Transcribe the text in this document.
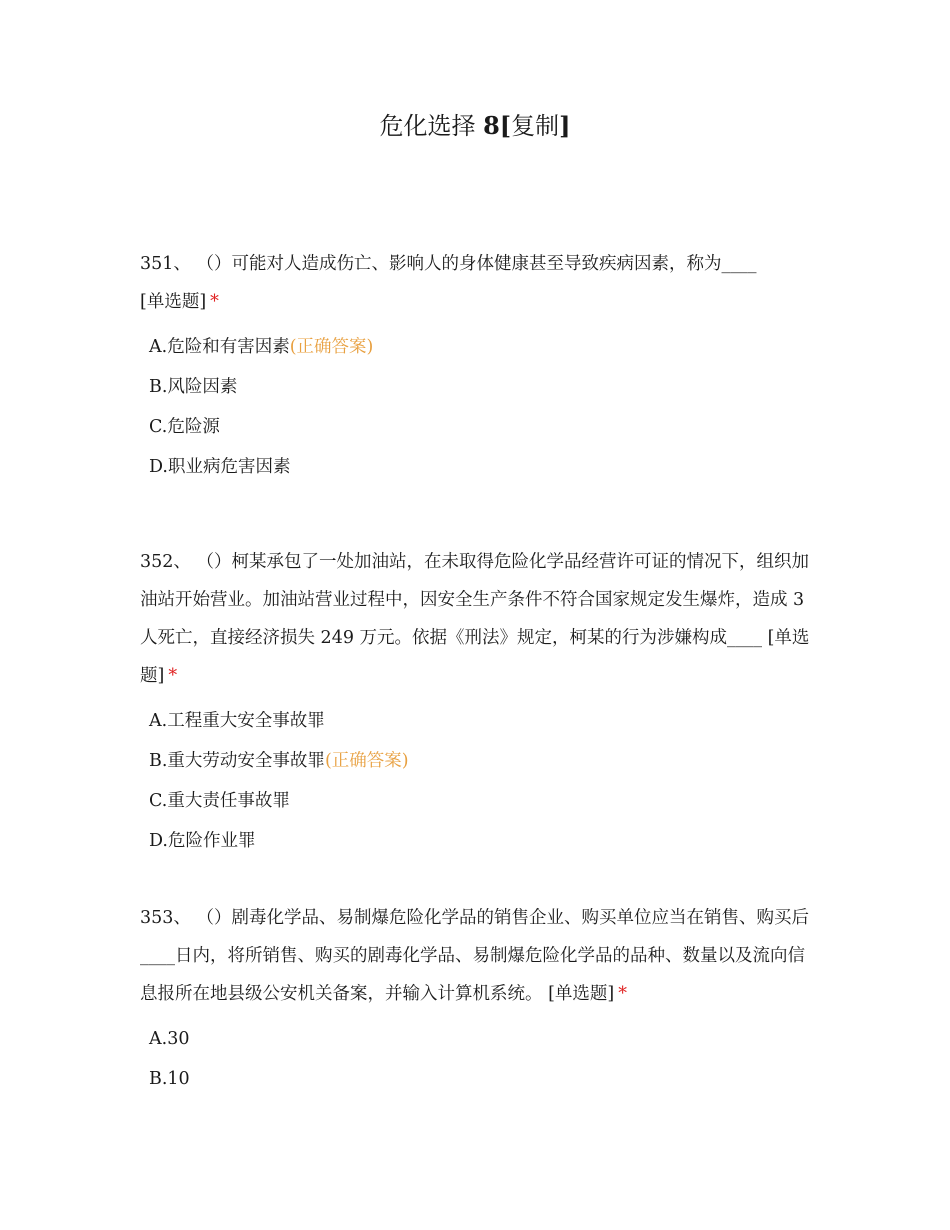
危化选择 8[复制]

351、 （）可能对人造成伤亡、影响人的身体健康甚至导致疾病因素，称为____
[单选题] *

A.危险和有害因素(正确答案)
B.风险因素
C.危险源
D.职业病危害因素

352、 （）柯某承包了一处加油站，在未取得危险化学品经营许可证的情况下，组织加油站开始营业。加油站营业过程中，因安全生产条件不符合国家规定发生爆炸，造成 3 人死亡，直接经济损失 249 万元。依据《刑法》规定，柯某的行为涉嫌构成____ [单选题] *

A.工程重大安全事故罪
B.重大劳动安全事故罪(正确答案)
C.重大责任事故罪
D.危险作业罪

353、 （）剧毒化学品、易制爆危险化学品的销售企业、购买单位应当在销售、购买后____日内，将所销售、购买的剧毒化学品、易制爆危险化学品的品种、数量以及流向信息报所在地县级公安机关备案，并输入计算机系统。 [单选题] *

A.30
B.10
